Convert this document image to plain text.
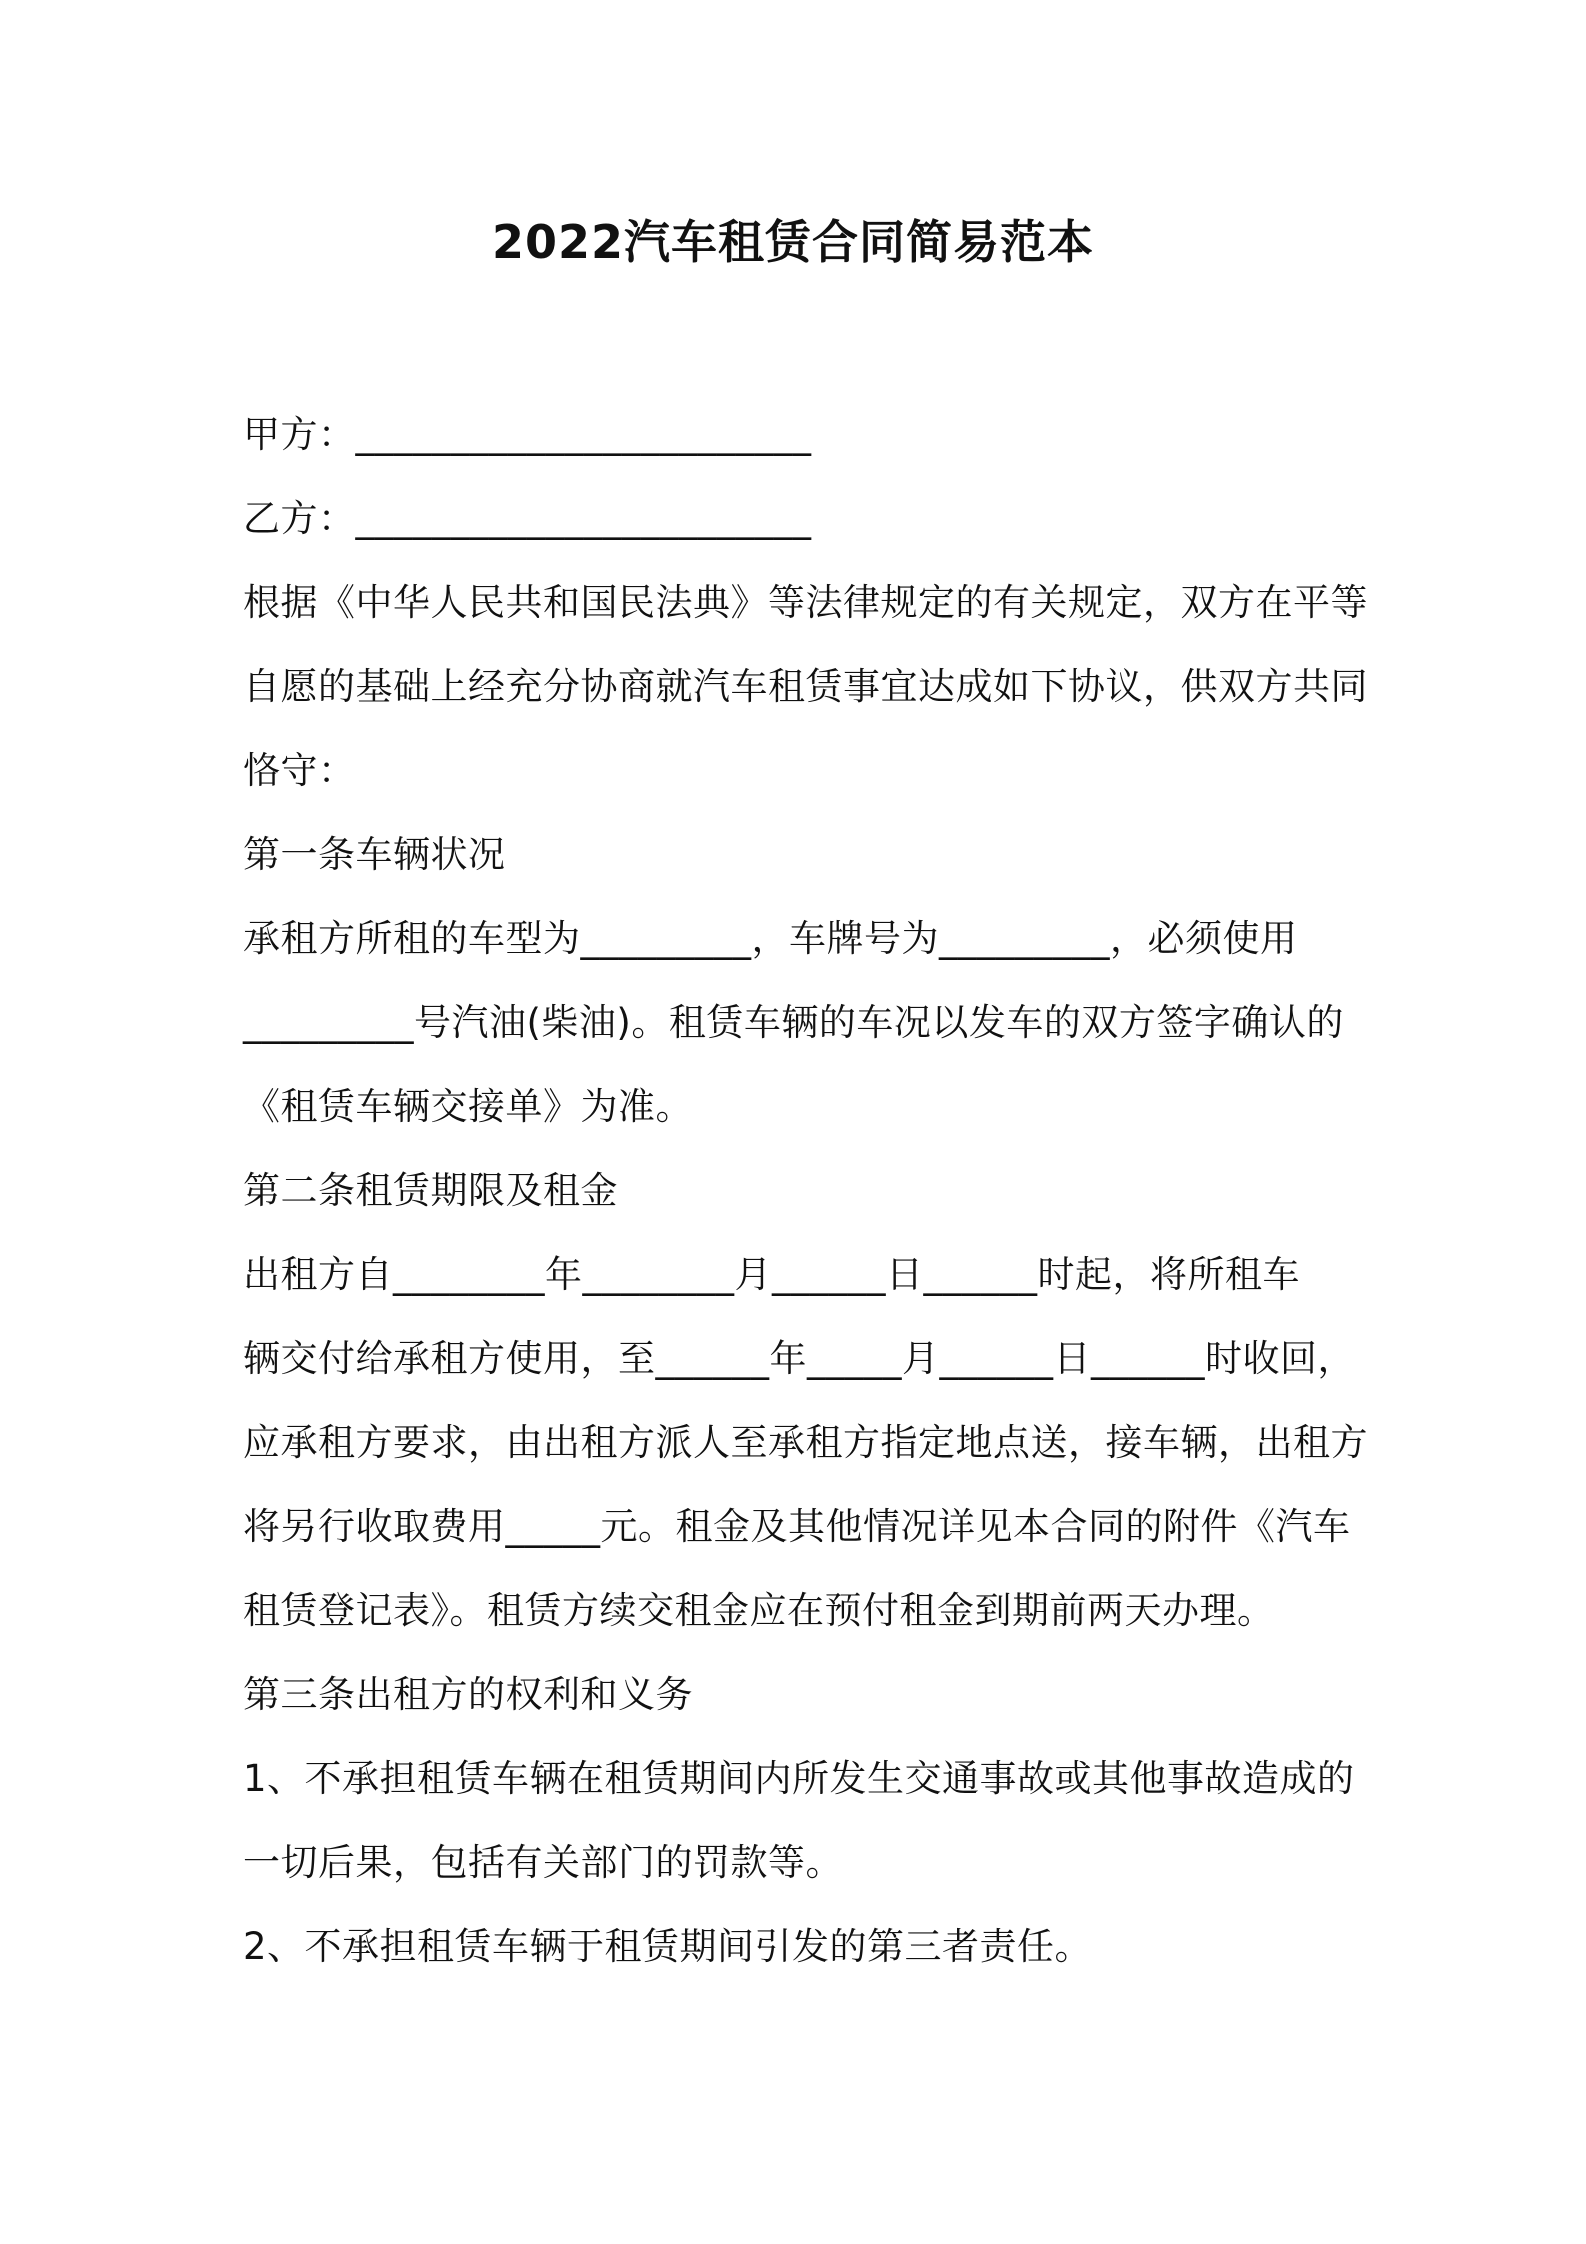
2022汽车租赁合同简易范本
甲方：________________________
乙方：________________________
根据《中华人民共和国民法典》等法律规定的有关规定，双方在平等
自愿的基础上经充分协商就汽车租赁事宜达成如下协议，供双方共同
恪守：
第一条车辆状况
承租方所租的车型为_________，车牌号为_________，必须使用
_________号汽油(柴油)。租赁车辆的车况以发车的双方签字确认的
《租赁车辆交接单》为准。
第二条租赁期限及租金
出租方自________年________月______日______时起，将所租车
辆交付给承租方使用，至______年_____月______日______时收回，
应承租方要求，由出租方派人至承租方指定地点送，接车辆，出租方
将另行收取费用_____元。租金及其他情况详见本合同的附件《汽车
租赁登记表》。租赁方续交租金应在预付租金到期前两天办理。
第三条出租方的权利和义务
1、不承担租赁车辆在租赁期间内所发生交通事故或其他事故造成的
一切后果，包括有关部门的罚款等。
2、不承担租赁车辆于租赁期间引发的第三者责任。
